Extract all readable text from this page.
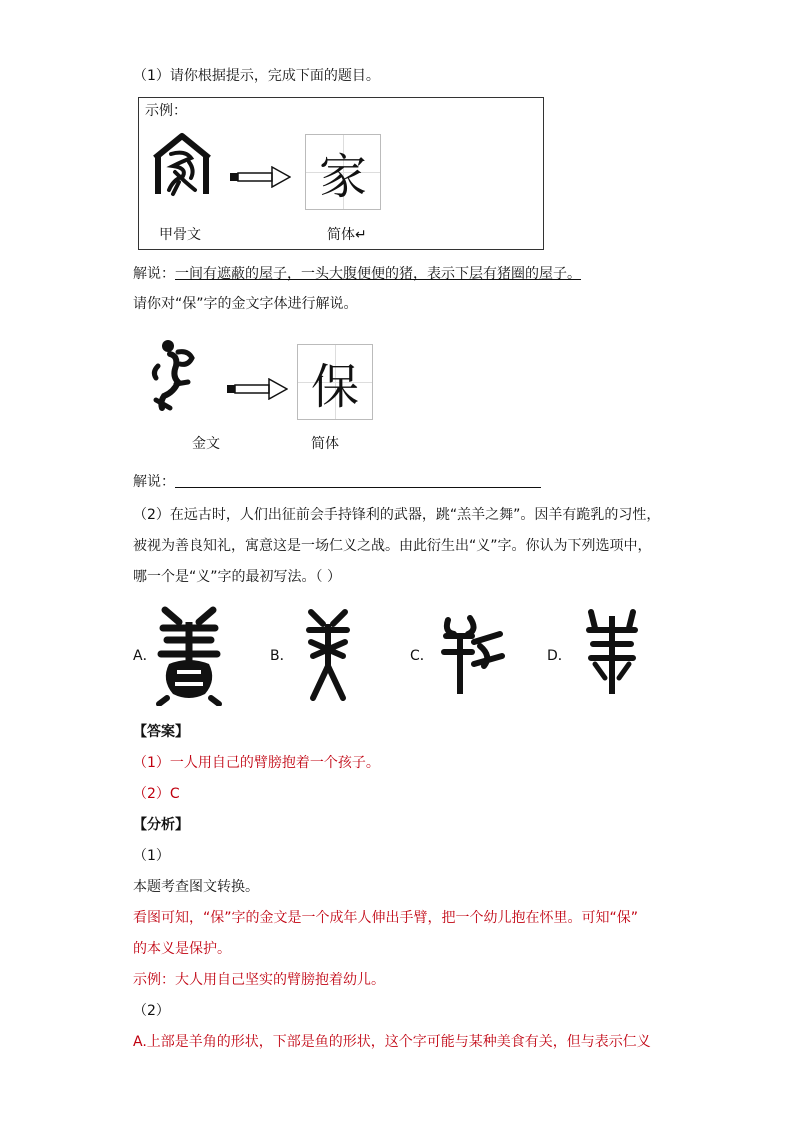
（1）请你根据提示，完成下面的题目。
示例：
家
甲骨文	简体↵
解说：一间有遮蔽的屋子，一头大腹便便的猪，表示下层有猪圈的屋子。
请你对“保”字的金文字体进行解说。
保
金文	简体
解说：
（2）在远古时，人们出征前会手持锋利的武器，跳“羔羊之舞”。因羊有跪乳的习性，
被视为善良知礼，寓意这是一场仁义之战。由此衍生出“义”字。你认为下列选项中，
哪一个是“义”字的最初写法。（ ）
A．	B．	C．	D．
【答案】
（1）一人用自己的臂膀抱着一个孩子。
（2）C
【分析】
（1）
本题考查图文转换。
看图可知，“保”字的金文是一个成年人伸出手臂，把一个幼儿抱在怀里。可知“保”
的本义是保护。
示例：大人用自己坚实的臂膀抱着幼儿。
（2）
A.上部是羊角的形状，下部是鱼的形状，这个字可能与某种美食有关，但与表示仁义
